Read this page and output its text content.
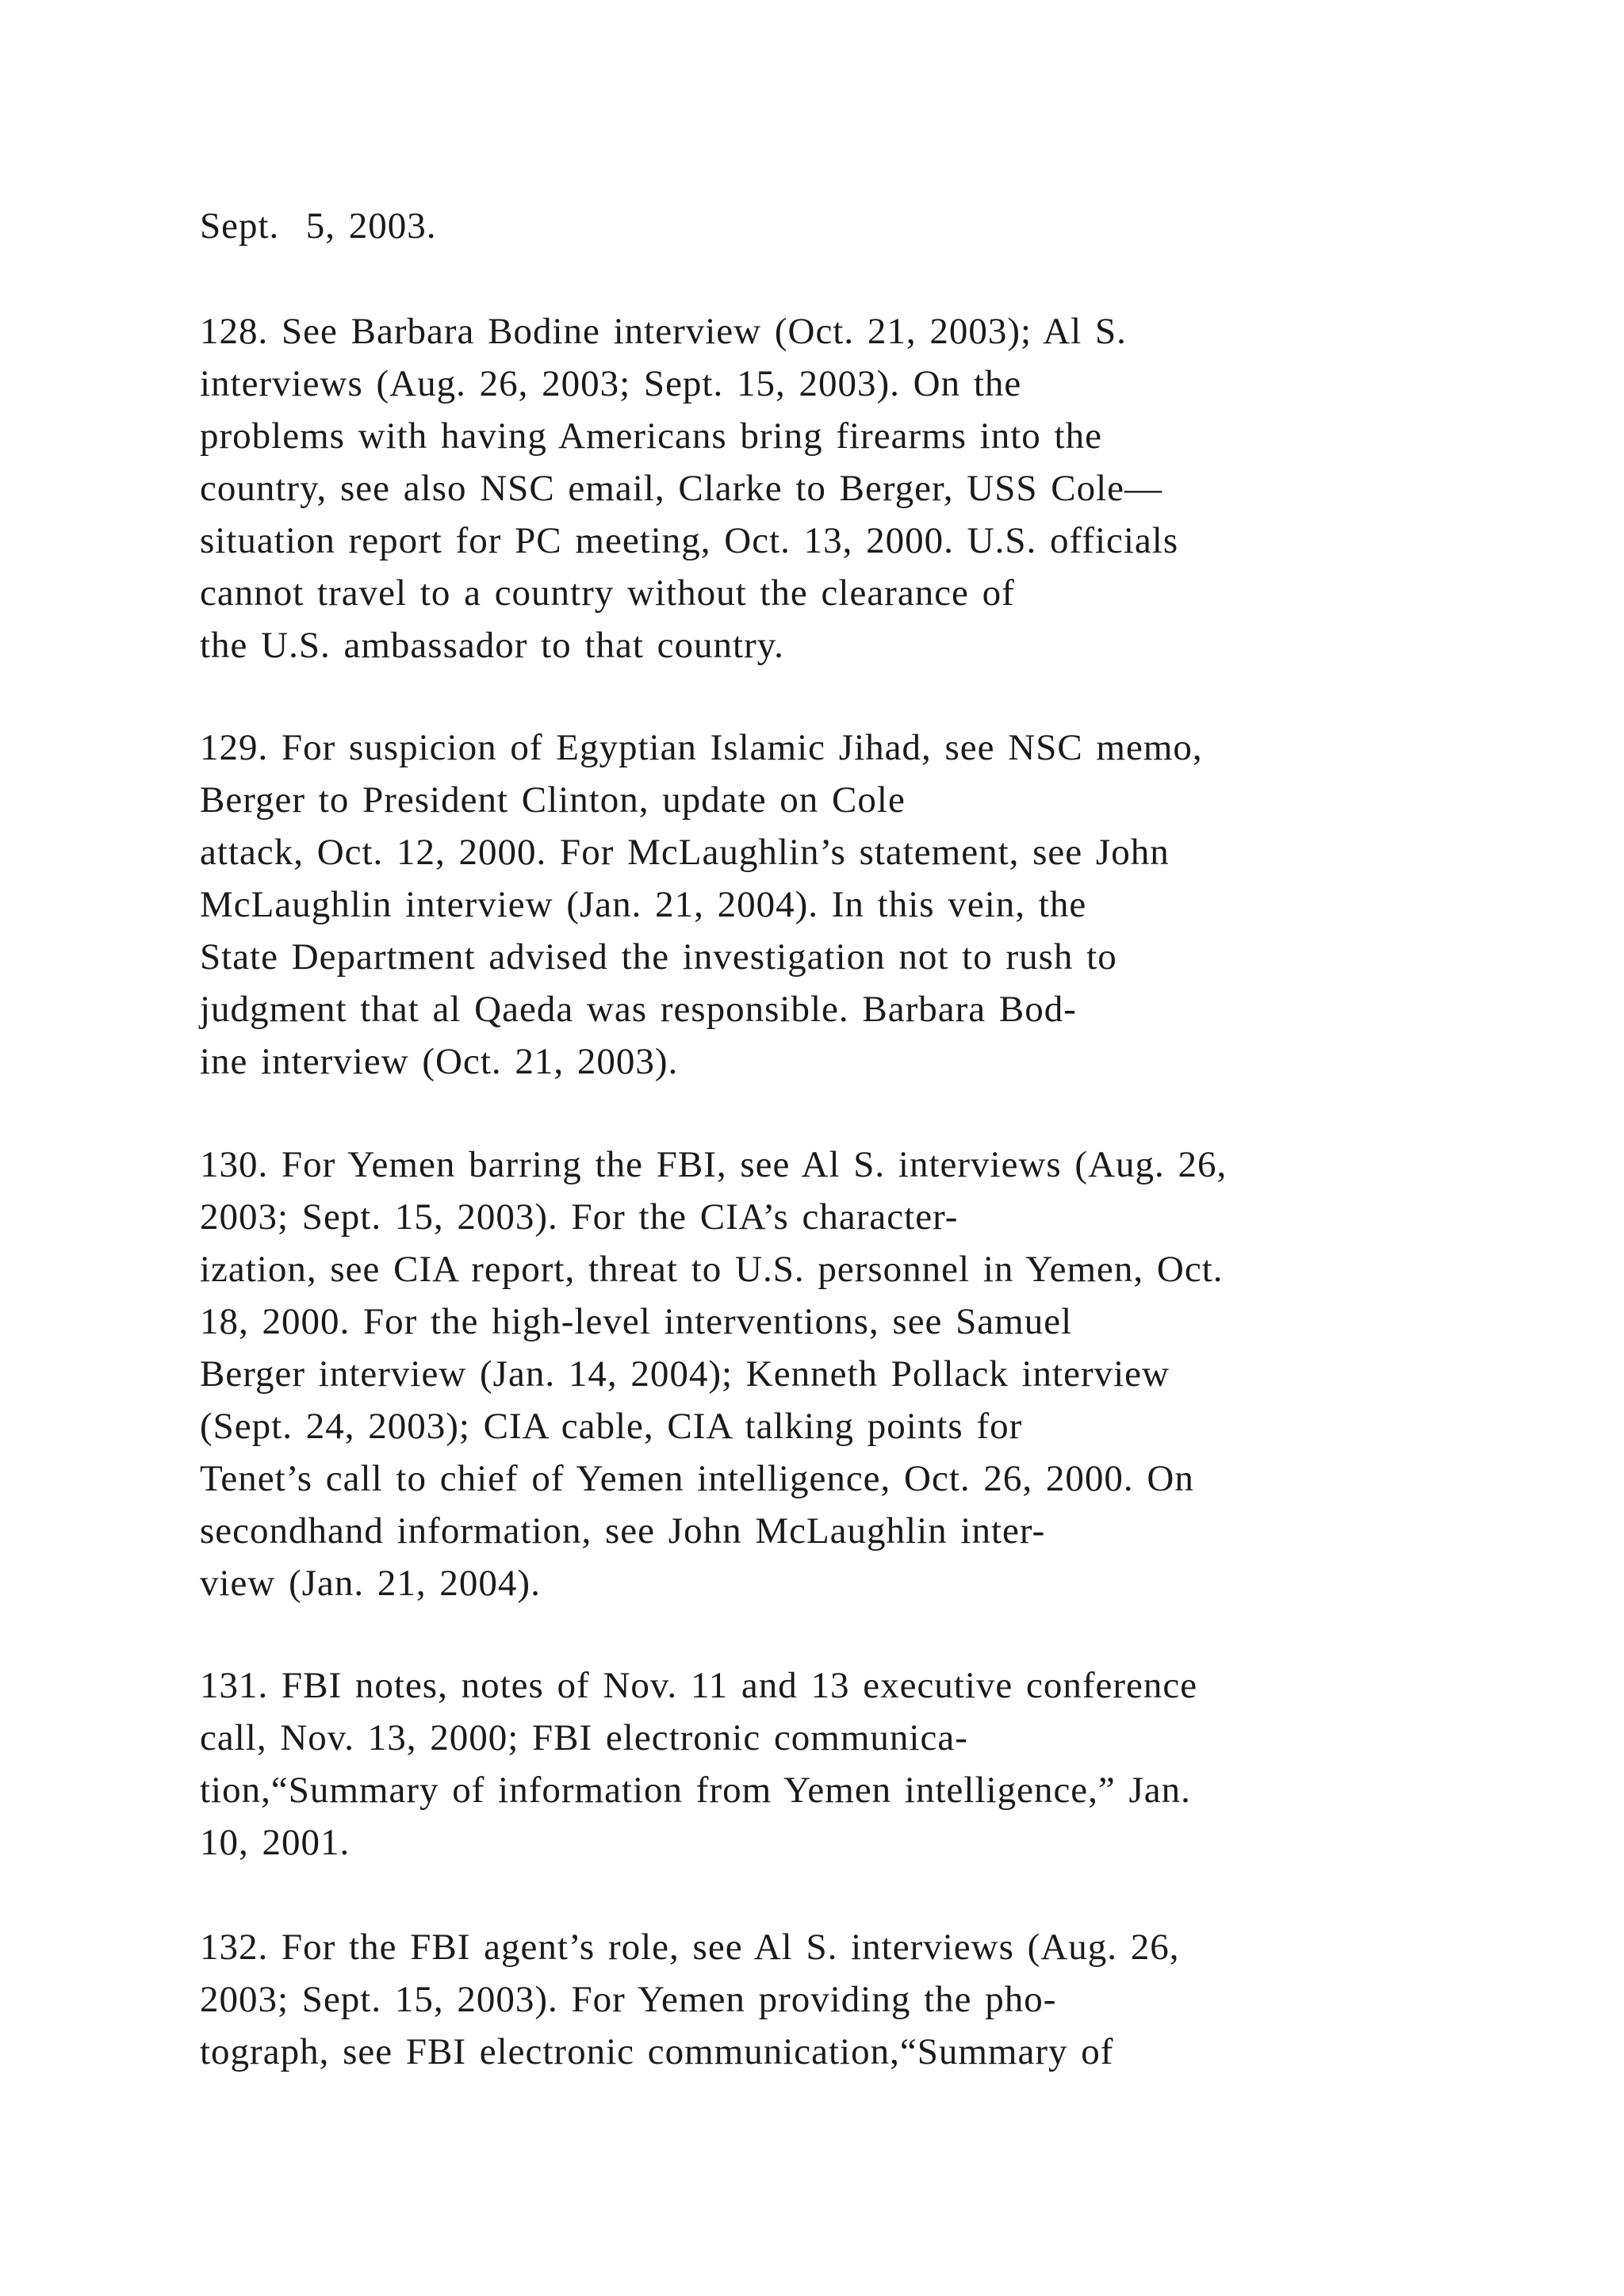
Sept.  5, 2003.

128. See Barbara Bodine interview (Oct. 21, 2003); Al S.

interviews (Aug. 26, 2003; Sept. 15, 2003). On the

problems with having Americans bring firearms into the

country, see also NSC email, Clarke to Berger, USS Cole—

situation report for PC meeting, Oct. 13, 2000. U.S. officials

cannot travel to a country without the clearance of

the U.S. ambassador to that country.

129. For suspicion of Egyptian Islamic Jihad, see NSC memo,

Berger to President Clinton, update on Cole

attack, Oct. 12, 2000. For McLaughlin’s statement, see John

McLaughlin interview (Jan. 21, 2004). In this vein, the

State Department advised the investigation not to rush to

judgment that al Qaeda was responsible. Barbara Bod-

ine interview (Oct. 21, 2003).

130. For Yemen barring the FBI, see Al S. interviews (Aug. 26,

2003; Sept. 15, 2003). For the CIA’s character-

ization, see CIA report, threat to U.S. personnel in Yemen, Oct.

18, 2000. For the high-level interventions, see Samuel

Berger interview (Jan. 14, 2004); Kenneth Pollack interview

(Sept. 24, 2003); CIA cable, CIA talking points for

Tenet’s call to chief of Yemen intelligence, Oct. 26, 2000. On

secondhand information, see John McLaughlin inter-

view (Jan. 21, 2004).

131. FBI notes, notes of Nov. 11 and 13 executive conference

call, Nov. 13, 2000; FBI electronic communica-

tion,“Summary of information from Yemen intelligence,” Jan.

10, 2001.

132. For the FBI agent’s role, see Al S. interviews (Aug. 26,

2003; Sept. 15, 2003). For Yemen providing the pho-

tograph, see FBI electronic communication,“Summary of
